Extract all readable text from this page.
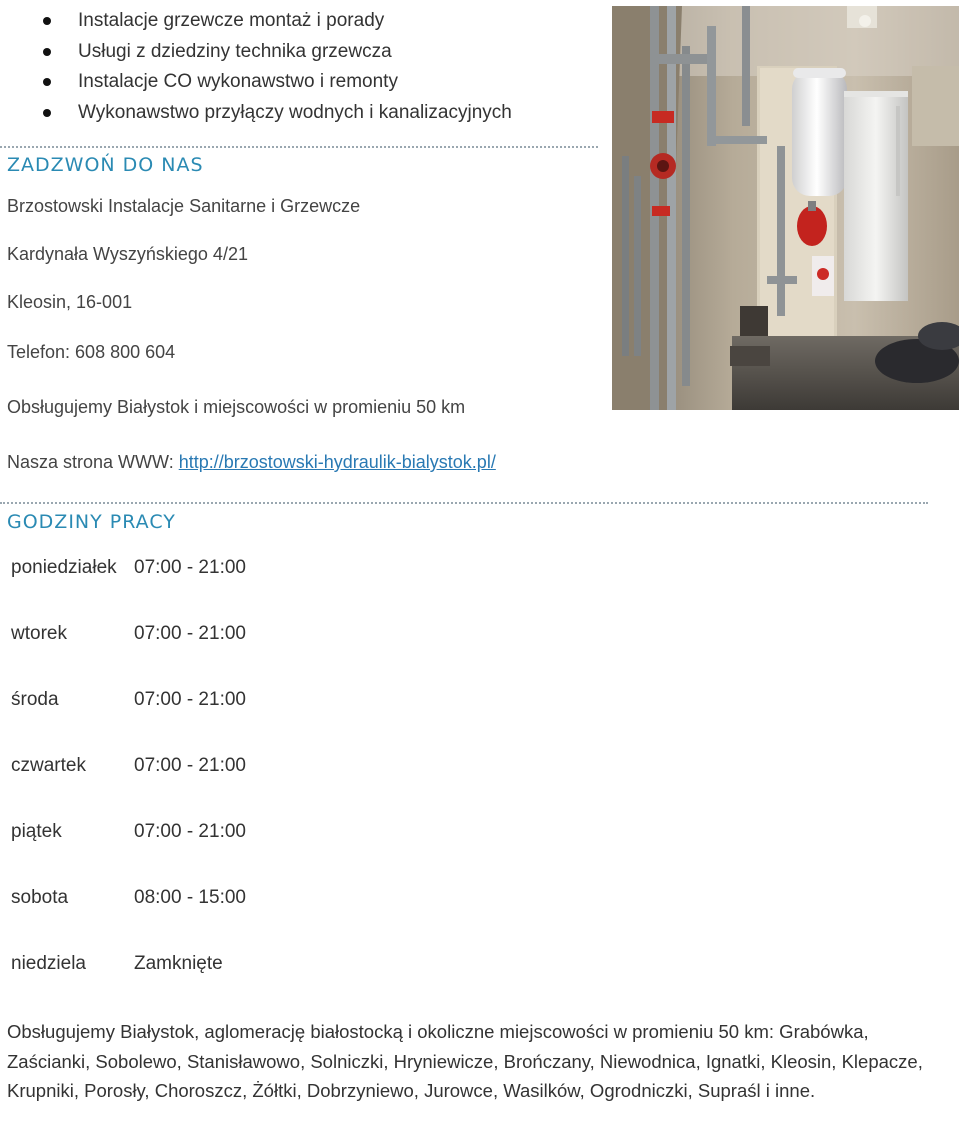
Instalacje grzewcze montaż i porady
Usługi z dziedziny technika grzewcza
Instalacje CO wykonawstwo i remonty
Wykonawstwo przyłączy wodnych i kanalizacyjnych
ZADZWOŃ DO NAS
Brzostowski Instalacje Sanitarne i Grzewcze
Kardynała Wyszyńskiego 4/21
Kleosin, 16-001
Telefon: 608 800 604
Obsługujemy Białystok i miejscowości w promieniu 50 km
Nasza strona WWW: http://brzostowski-hydraulik-bialystok.pl/
GODZINY PRACY
poniedziałek 07:00 - 21:00
wtorek	07:00 - 21:00
środa	07:00 - 21:00
czwartek	07:00 - 21:00
piątek	07:00 - 21:00
sobota	08:00 - 15:00
niedziela	Zamknięte

Obsługujemy Białystok, aglomerację białostocką i okoliczne miejscowości w promieniu 50 km: Grabówka, Zaścianki, Sobolewo, Stanisławowo, Solniczki, Hryniewicze, Brończany, Niewodnica, Ignatki, Kleosin, Klepacze, Krupniki, Porosły, Choroszcz, Żółtki, Dobrzyniewo, Jurowce, Wasilków, Ogrodniczki, Supraśl i inne.
